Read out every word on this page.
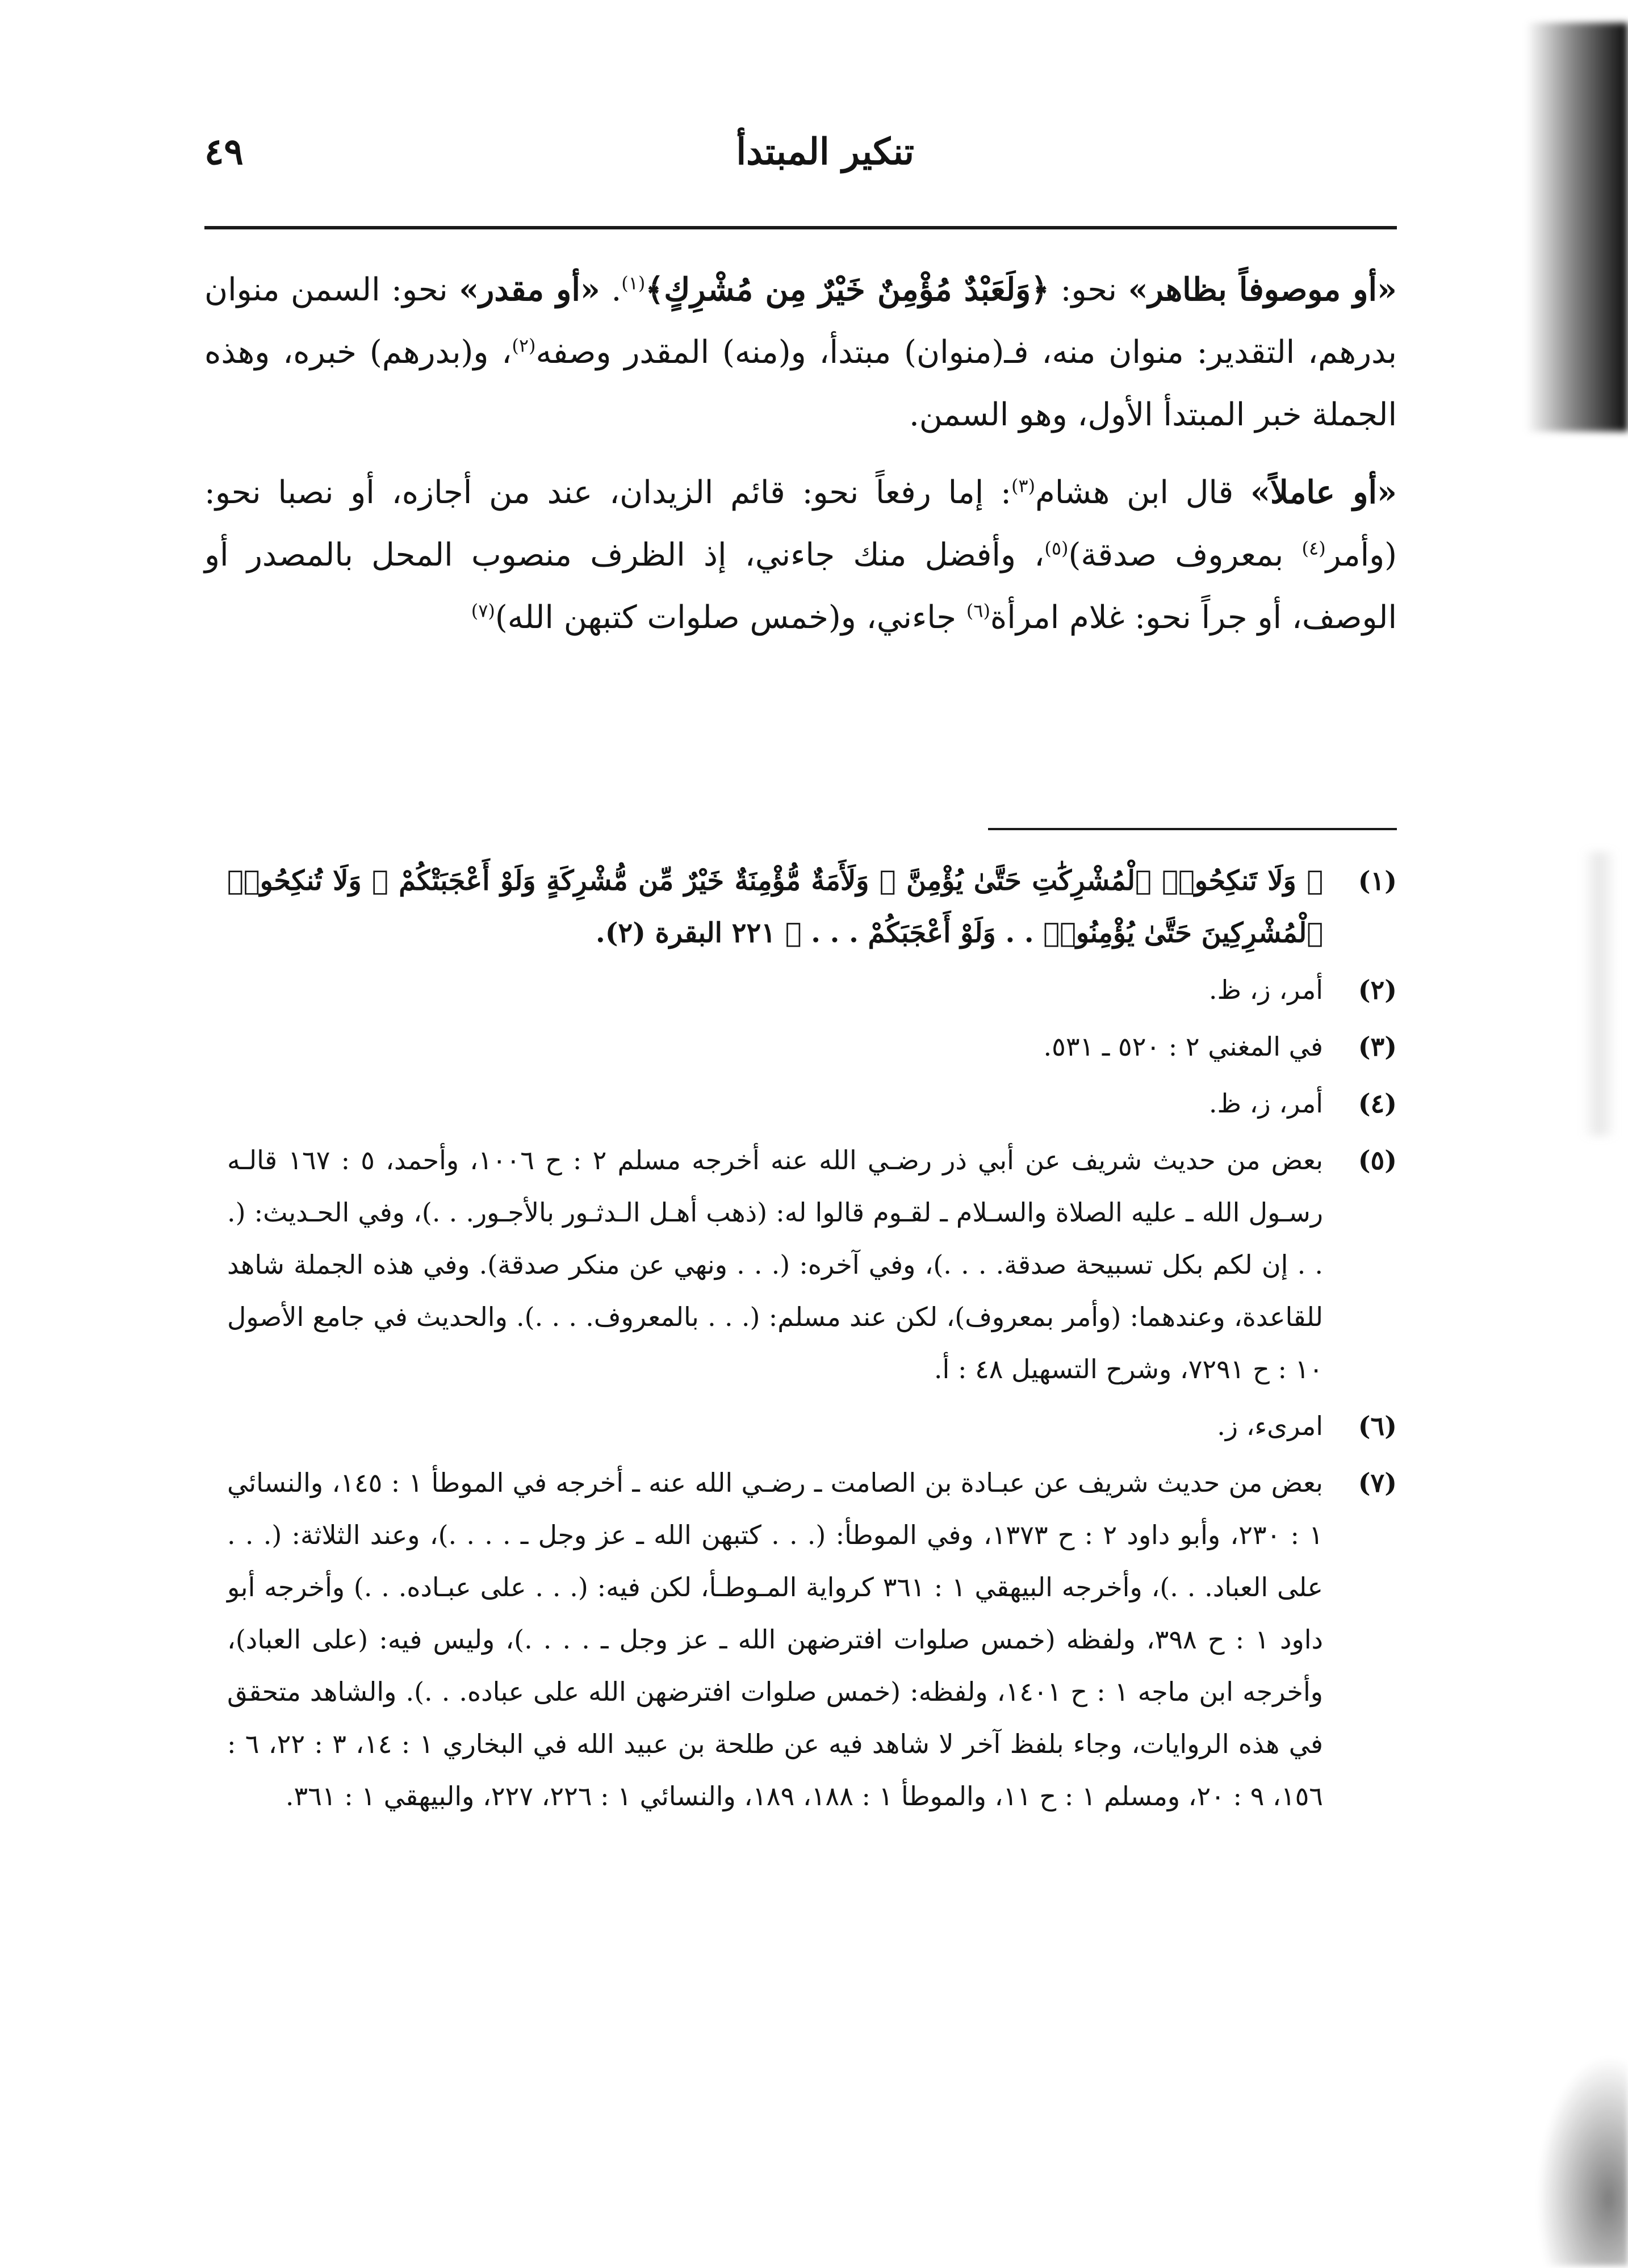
تنكير المبتدأ
٤٩

«أو موصوفاً بظاهر» نحو: ﴿وَلَعَبْدٌ مُؤْمِنٌ خَيْرٌ مِن مُشْرِكٍ﴾$^{(١)}$. «أو مقدر» نحو: السمن منوان بدرهم، التقدير: منوان منه، فـ(منوان) مبتدأ، و(منه) المقدر وصفه$^{(٢)}$، و(بدرهم) خبره، وهذه الجملة خبر المبتدأ الأول، وهو السمن.

«أو عاملاً» قال ابن هشام$^{(٣)}$: إما رفعاً نحو: قائم الزيدان، عند من أجازه، أو نصبا نحو: (وأمر$^{(٤)}$ بمعروف صدقة)$^{(٥)}$، وأفضل منك جاءني، إذ الظرف منصوب المحل بالمصدر أو الوصف، أو جراً نحو: غلام امرأة$^{(٦)}$ جاءني، و(خمس صلوات كتبهن الله)$^{(٧)}$

(١)
﴿ وَلَا تَنكِحُوا۟ ٱلْمُشْرِكَٰتِ حَتَّىٰ يُؤْمِنَّ ۚ وَلَأَمَةٌ مُّؤْمِنَةٌ خَيْرٌ مِّن مُّشْرِكَةٍ وَلَوْ أَعْجَبَتْكُمْ ۗ وَلَا تُنكِحُوا۟ ٱلْمُشْرِكِينَ حَتَّىٰ يُؤْمِنُوا۟ . . وَلَوْ أَعْجَبَكُمْ . . . ﴾ ٢٢١ البقرة (٢).
(٢)
أمر، ز، ظ.
(٣)
في المغني ٢ : ٥٢٠ ـ ٥٣١.
(٤)
أمر، ز، ظ.
(٥)
بعض من حديث شريف عن أبي ذر رضـي الله عنه أخرجه مسلم ٢ : ح ١٠٠٦، وأحمد، ٥ : ١٦٧ قالـه رسـول الله ـ عليه الصلاة والسـلام ـ لقـوم قالوا له: (ذهب أهـل الـدثـور بالأجـور. . .)، وفي الحـديث: (. . . إن لكم بكل تسبيحة صدقة. . . .)، وفي آخره: (. . . ونهي عن منكر صدقة). وفي هذه الجملة شاهد للقاعدة، وعندهما: (وأمر بمعروف)، لكن عند مسلم: (. . . بالمعروف. . . .). والحديث في جامع الأصول ١٠ : ح ٧٢٩١، وشرح التسهيل ٤٨ : أ.
(٦)
امرىء، ز.
(٧)
بعض من حديث شريف عن عبـادة بن الصامت ـ رضـي الله عنه ـ أخرجه في الموطأ ١ : ١٤٥، والنسائي ١ : ٢٣٠، وأبو داود ٢ : ح ١٣٧٣، وفي الموطأ: (. . . كتبهن الله ـ عز وجل ـ . . . .)، وعند الثلاثة: (. . . على العباد. . .)، وأخرجه البيهقي ١ : ٣٦١ كرواية المـوطـأ، لكن فيه: (. . . على عبـاده. . .) وأخرجه أبو داود ١ : ح ٣٩٨، ولفظه (خمس صلوات افترضهن الله ـ عز وجل ـ . . . .)، وليس فيه: (على العباد)، وأخرجه ابن ماجه ١ : ح ١٤٠١، ولفظه: (خمس صلوات افترضهن الله على عباده. . .). والشاهد متحقق في هذه الروايات، وجاء بلفظ آخر لا شاهد فيه عن طلحة بن عبيد الله في البخاري ١ : ١٤، ٣ : ٢٢، ٦ : ١٥٦، ٩ : ٢٠، ومسلم ١ : ح ١١، والموطأ ١ : ١٨٨، ١٨٩، والنسائي ١ : ٢٢٦، ٢٢٧، والبيهقي ١ : ٣٦١.
